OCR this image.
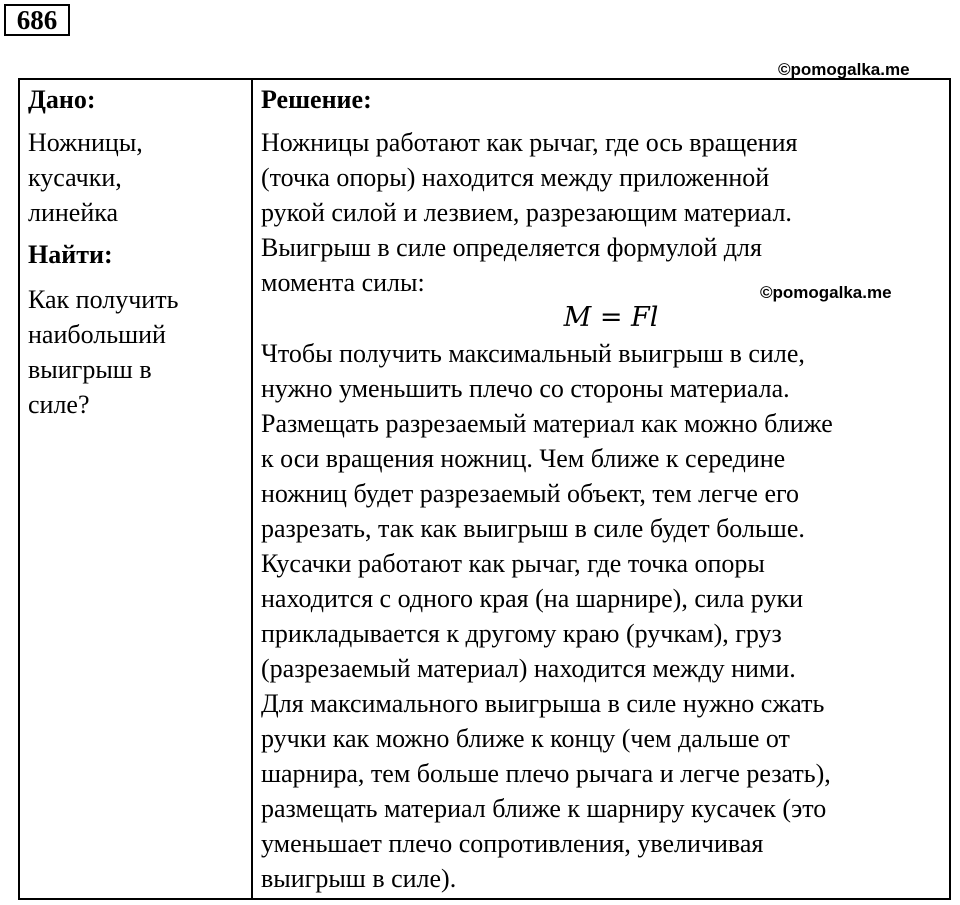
686
©pomogalka.me

Дано:

Ножницы,
кусачки,
линейка

Найти:

Как получить
наибольший
выигрыш в
силе?

Решение:

Ножницы работают как рычаг, где ось вращения
(точка опоры) находится между приложенной
рукой силой и лезвием, разрезающим материал.
Выигрыш в силе определяется формулой для
момента силы:

M = Fl

Чтобы получить максимальный выигрыш в силе,
нужно уменьшить плечо со стороны материала.
Размещать разрезаемый материал как можно ближе
к оси вращения ножниц. Чем ближе к середине
ножниц будет разрезаемый объект, тем легче его
разрезать, так как выигрыш в силе будет больше.
Кусачки работают как рычаг, где точка опоры
находится с одного края (на шарнире), сила руки
прикладывается к другому краю (ручкам), груз
(разрезаемый материал) находится между ними.
Для максимального выигрыша в силе нужно сжать
ручки как можно ближе к концу (чем дальше от
шарнира, тем больше плечо рычага и легче резать),
размещать материал ближе к шарниру кусачек (это
уменьшает плечо сопротивления, увеличивая
выигрыш в силе).
©pomogalka.me
